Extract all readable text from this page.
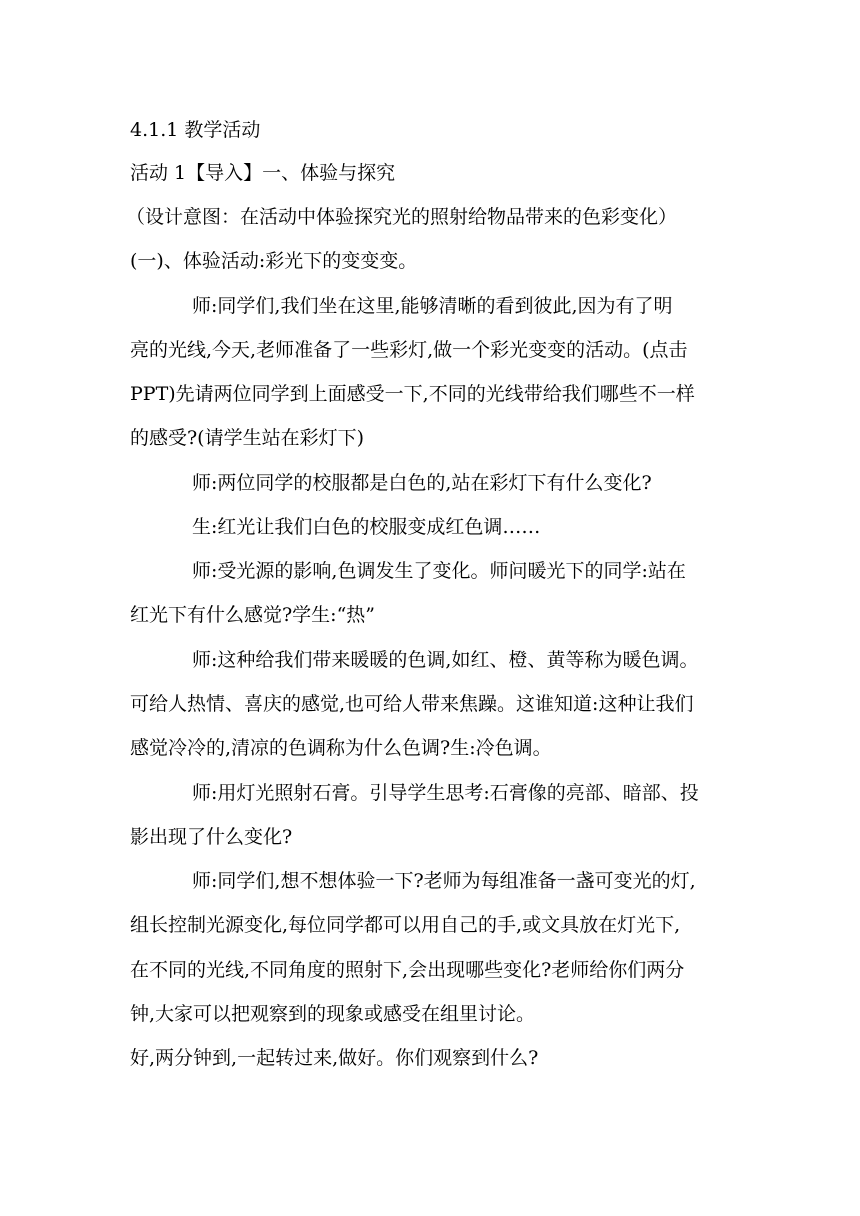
4.1.1 教学活动
活动 1【导入】一、体验与探究
（设计意图：在活动中体验探究光的照射给物品带来的色彩变化）
(一)、体验活动:彩光下的变变变。
师:同学们,我们坐在这里,能够清晰的看到彼此,因为有了明
亮的光线,今天,老师准备了一些彩灯,做一个彩光变变的活动。(点击
PPT)先请两位同学到上面感受一下,不同的光线带给我们哪些不一样
的感受?(请学生站在彩灯下)
师:两位同学的校服都是白色的,站在彩灯下有什么变化?
生:红光让我们白色的校服变成红色调……
师:受光源的影响,色调发生了变化。师问暖光下的同学:站在
红光下有什么感觉?学生:“热”
师:这种给我们带来暖暖的色调,如红、橙、黄等称为暖色调。
可给人热情、喜庆的感觉,也可给人带来焦躁。这谁知道:这种让我们
感觉冷冷的,清凉的色调称为什么色调?生:冷色调。
师:用灯光照射石膏。引导学生思考:石膏像的亮部、暗部、投
影出现了什么变化?
师:同学们,想不想体验一下?老师为每组准备一盏可变光的灯,
组长控制光源变化,每位同学都可以用自己的手,或文具放在灯光下,
在不同的光线,不同角度的照射下,会出现哪些变化?老师给你们两分
钟,大家可以把观察到的现象或感受在组里讨论。
好,两分钟到,一起转过来,做好。你们观察到什么?
